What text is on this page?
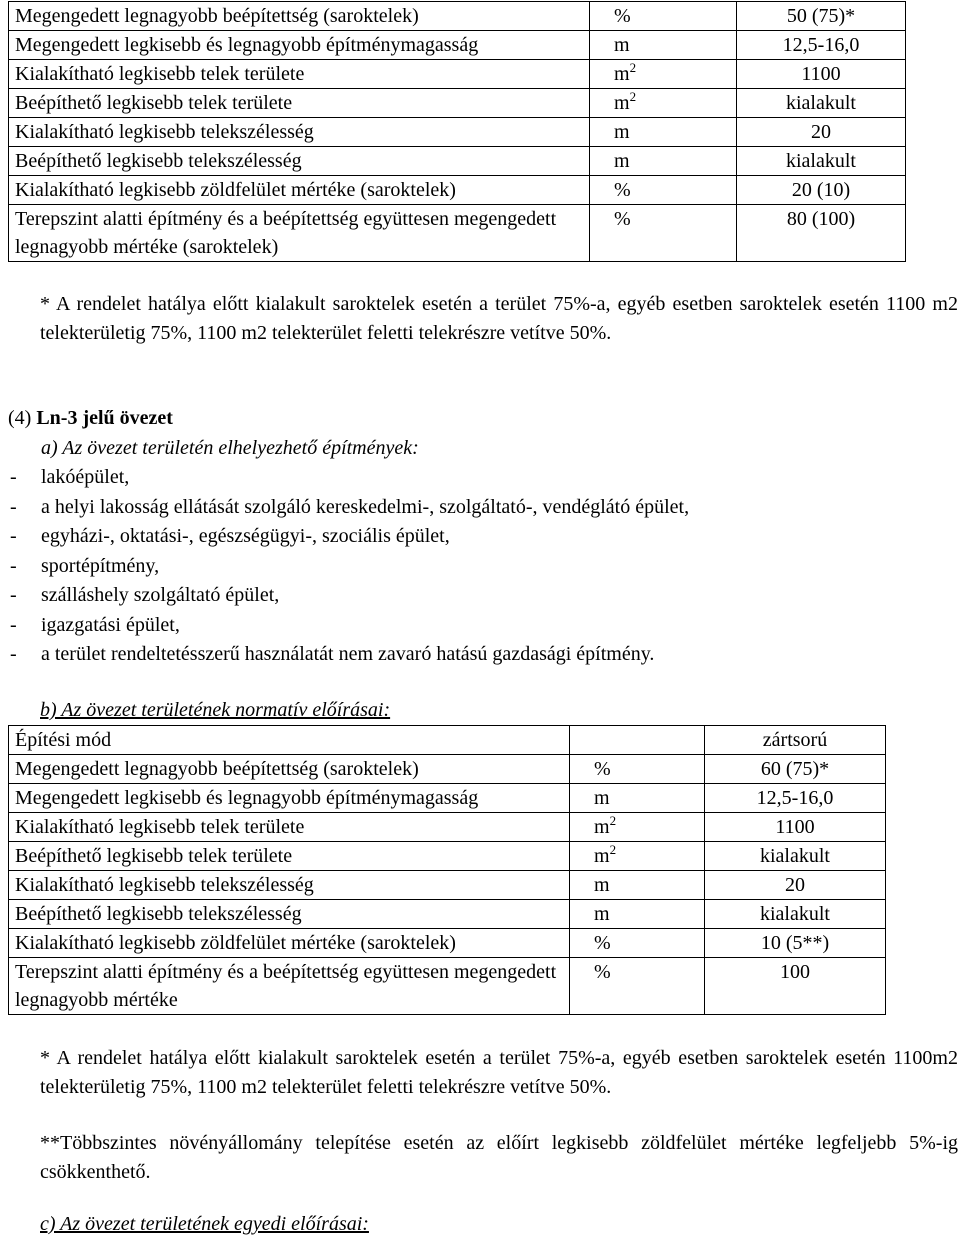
Megengedett legnagyobb beépítettség (saroktelek)	%	50 (75)*
Megengedett legkisebb és legnagyobb építménymagasság	m	12,5-16,0
Kialakítható legkisebb telek területe	$m^2$	1100
Beépíthető legkisebb telek területe	$m^2$	kialakult
Kialakítható legkisebb telekszélesség	m	20
Beépíthető legkisebb telekszélesség	m	kialakult
Kialakítható legkisebb zöldfelület mértéke (saroktelek)	%	20 (10)
Terepszint alatti építmény és a beépítettség együttesen megengedett legnagyobb mértéke (saroktelek)	%	80 (100)
* A rendelet hatálya előtt kialakult saroktelek esetén a terület 75%-a, egyéb esetben saroktelek esetén 1100 m2 telekterületig 75%, 1100 m2 telekterület feletti telekrészre vetítve 50%.
(4) Ln-3 jelű övezet
a) Az övezet területén elhelyezhető építmények:
- lakóépület,
- a helyi lakosság ellátását szolgáló kereskedelmi-, szolgáltató-, vendéglátó épület,
- egyházi-, oktatási-, egészségügyi-, szociális épület,
- sportépítmény,
- szálláshely szolgáltató épület,
- igazgatási épület,
- a terület rendeltetésszerű használatát nem zavaró hatású gazdasági építmény.
b) Az övezet területének normatív előírásai:
Építési mód		zártsorú
Megengedett legnagyobb beépítettség (saroktelek)	%	60 (75)*
Megengedett legkisebb és legnagyobb építménymagasság	m	12,5-16,0
Kialakítható legkisebb telek területe	$m^2$	1100
Beépíthető legkisebb telek területe	$m^2$	kialakult
Kialakítható legkisebb telekszélesség	m	20
Beépíthető legkisebb telekszélesség	m	kialakult
Kialakítható legkisebb zöldfelület mértéke (saroktelek)	%	10 (5**)
Terepszint alatti építmény és a beépítettség együttesen megengedett legnagyobb mértéke	%	100
* A rendelet hatálya előtt kialakult saroktelek esetén a terület 75%-a, egyéb esetben saroktelek esetén 1100m2 telekterületig 75%, 1100 m2 telekterület feletti telekrészre vetítve 50%.
**Többszintes növényállomány telepítése esetén az előírt legkisebb zöldfelület mértéke legfeljebb 5%-ig csökkenthető.
c) Az övezet területének egyedi előírásai:
